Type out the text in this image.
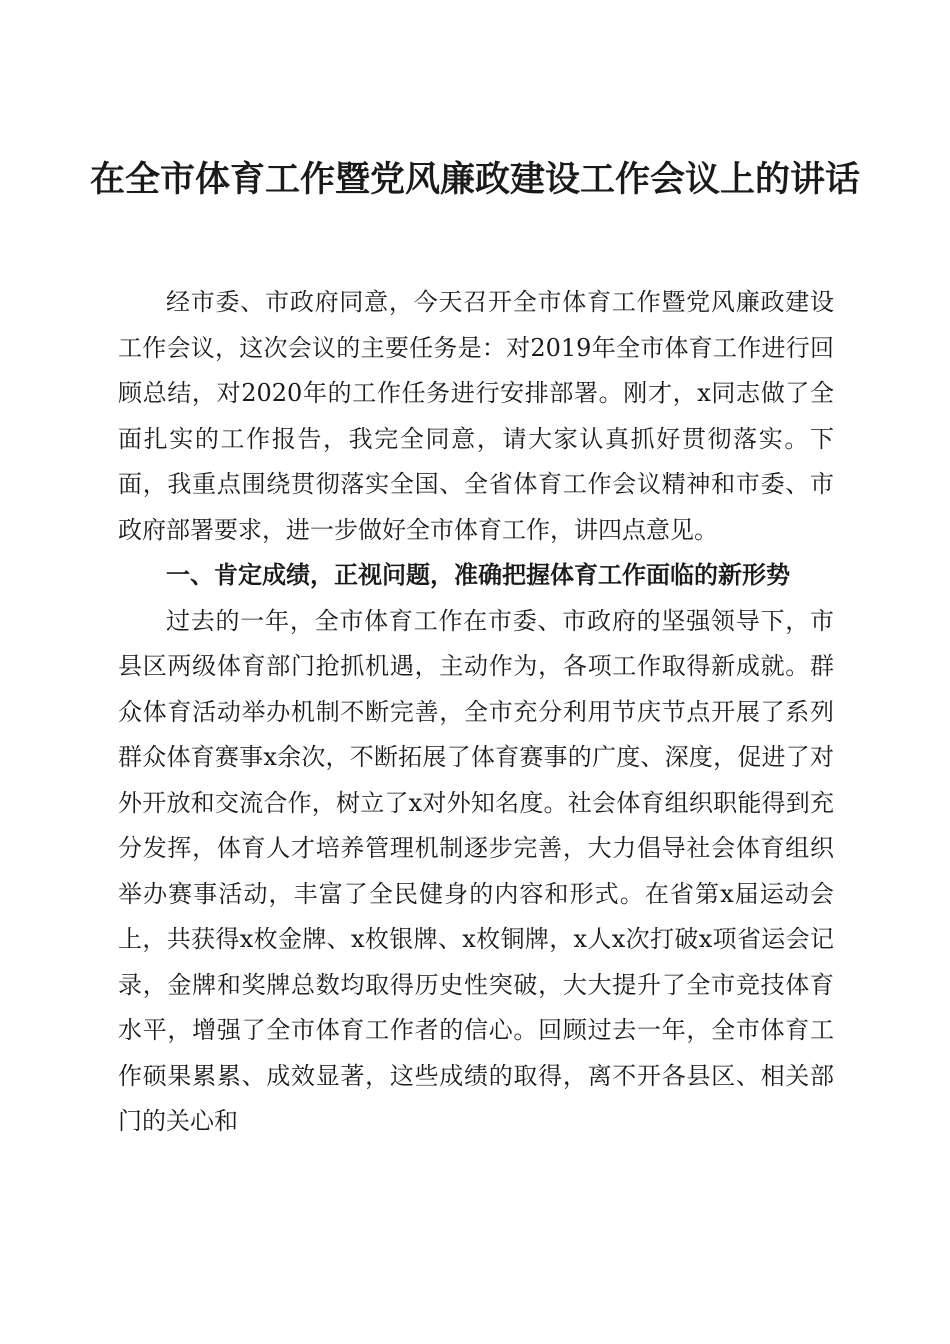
在全市体育工作暨党风廉政建设工作会议上的讲话

经市委、市政府同意，今天召开全市体育工作暨党风廉政建设工作会议，这次会议的主要任务是：对2019年全市体育工作进行回顾总结，对2020年的工作任务进行安排部署。刚才，x同志做了全面扎实的工作报告，我完全同意，请大家认真抓好贯彻落实。下面，我重点围绕贯彻落实全国、全省体育工作会议精神和市委、市政府部署要求，进一步做好全市体育工作，讲四点意见。

一、肯定成绩，正视问题，准确把握体育工作面临的新形势

过去的一年，全市体育工作在市委、市政府的坚强领导下，市县区两级体育部门抢抓机遇，主动作为，各项工作取得新成就。群众体育活动举办机制不断完善，全市充分利用节庆节点开展了系列群众体育赛事x余次，不断拓展了体育赛事的广度、深度，促进了对外开放和交流合作，树立了x对外知名度。社会体育组织职能得到充分发挥，体育人才培养管理机制逐步完善，大力倡导社会体育组织举办赛事活动，丰富了全民健身的内容和形式。在省第x届运动会上，共获得x枚金牌、x枚银牌、x枚铜牌，x人x次打破x项省运会记录，金牌和奖牌总数均取得历史性突破，大大提升了全市竞技体育水平，增强了全市体育工作者的信心。回顾过去一年，全市体育工作硕果累累、成效显著，这些成绩的取得，离不开各县区、相关部门的关心和
